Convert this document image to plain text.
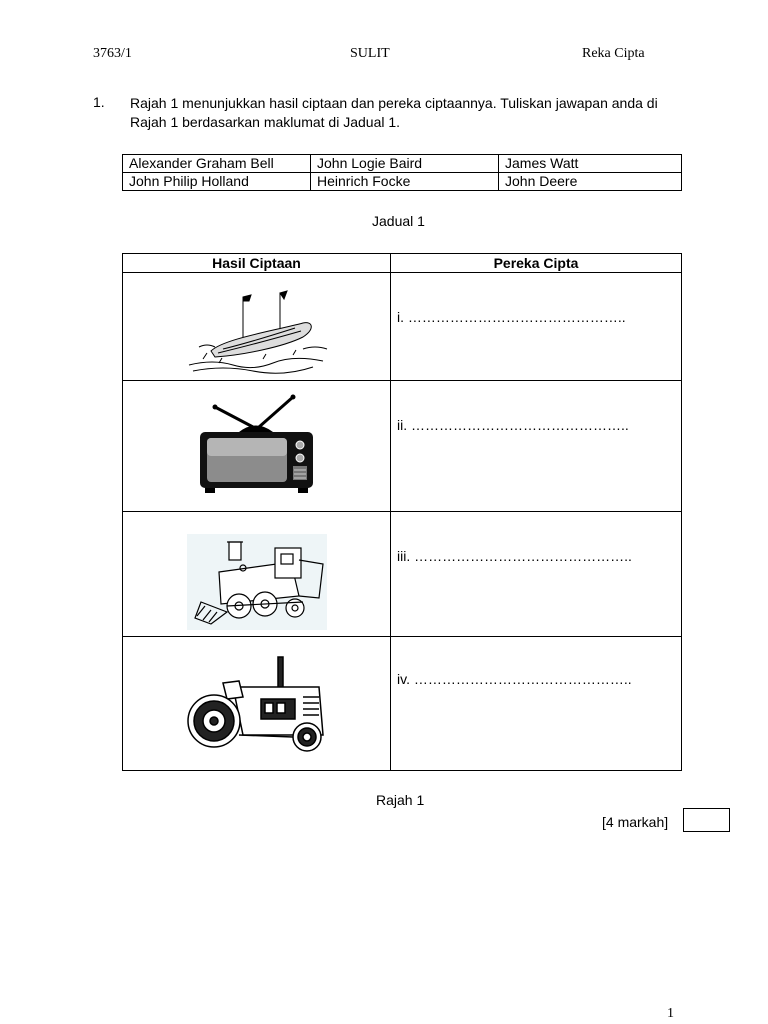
3763/1	SULIT	Reka Cipta
1. Rajah 1 menunjukkan hasil ciptaan dan pereka ciptaannya. Tuliskan jawapan anda di Rajah 1 berdasarkan maklumat di Jadual 1.
Alexander Graham Bell	John Logie Baird	James Watt
John Philip Holland	Heinrich Focke	John Deere
Jadual 1
Hasil Ciptaan	Pereka Cipta

i. ………………………………………..

ii. ………………………………………..

iii. ………………………………………..

iv. ………………………………………..
Rajah 1
[4 markah]
1
